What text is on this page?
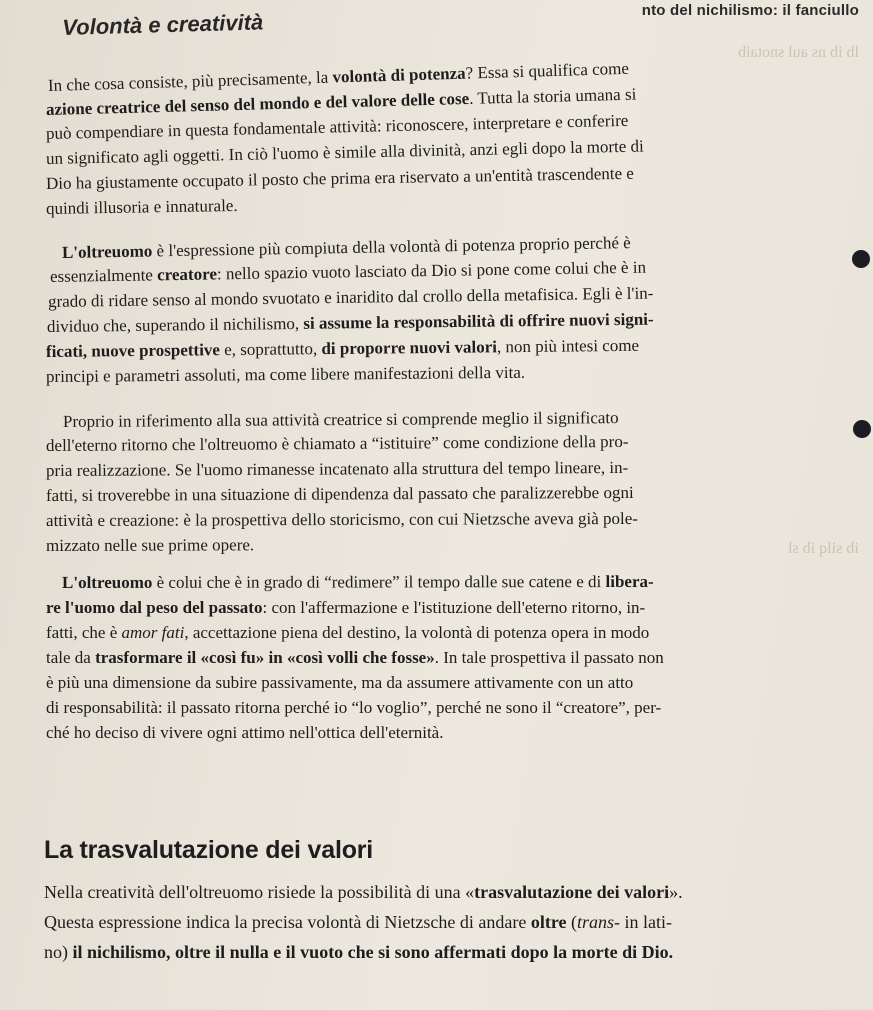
nto del nichilismo: il fanciullo
Volontà e creatività
lb ib ns aul snotaib
ib silq ib sl
In che cosa consiste, più precisamente, la volontà di potenza? Essa si qualifica come
azione creatrice del senso del mondo e del valore delle cose. Tutta la storia umana si
può compendiare in questa fondamentale attività: riconoscere, interpretare e conferire
un significato agli oggetti. In ciò l'uomo è simile alla divinità, anzi egli dopo la morte di
Dio ha giustamente occupato il posto che prima era riservato a un'entità trascendente e
quindi illusoria e innaturale.
L'oltreuomo è l'espressione più compiuta della volontà di potenza proprio perché è
essenzialmente creatore: nello spazio vuoto lasciato da Dio si pone come colui che è in
grado di ridare senso al mondo svuotato e inaridito dal crollo della metafisica. Egli è l'in-
dividuo che, superando il nichilismo, si assume la responsabilità di offrire nuovi signi-
ficati, nuove prospettive e, soprattutto, di proporre nuovi valori, non più intesi come
principi e parametri assoluti, ma come libere manifestazioni della vita.
Proprio in riferimento alla sua attività creatrice si comprende meglio il significato
dell'eterno ritorno che l'oltreuomo è chiamato a “istituire” come condizione della pro-
pria realizzazione. Se l'uomo rimanesse incatenato alla struttura del tempo lineare, in-
fatti, si troverebbe in una situazione di dipendenza dal passato che paralizzerebbe ogni
attività e creazione: è la prospettiva dello storicismo, con cui Nietzsche aveva già pole-
mizzato nelle sue prime opere.
L'oltreuomo è colui che è in grado di “redimere” il tempo dalle sue catene e di libera-
re l'uomo dal peso del passato: con l'affermazione e l'istituzione dell'eterno ritorno, in-
fatti, che è amor fati, accettazione piena del destino, la volontà di potenza opera in modo
tale da trasformare il «così fu» in «così volli che fosse». In tale prospettiva il passato non
è più una dimensione da subire passivamente, ma da assumere attivamente con un atto
di responsabilità: il passato ritorna perché io “lo voglio”, perché ne sono il “creatore”, per-
ché ho deciso di vivere ogni attimo nell'ottica dell'eternità.
La trasvalutazione dei valori
Nella creatività dell'oltreuomo risiede la possibilità di una «trasvalutazione dei valori».
Questa espressione indica la precisa volontà di Nietzsche di andare oltre (trans- in lati-
no) il nichilismo, oltre il nulla e il vuoto che si sono affermati dopo la morte di Dio.
